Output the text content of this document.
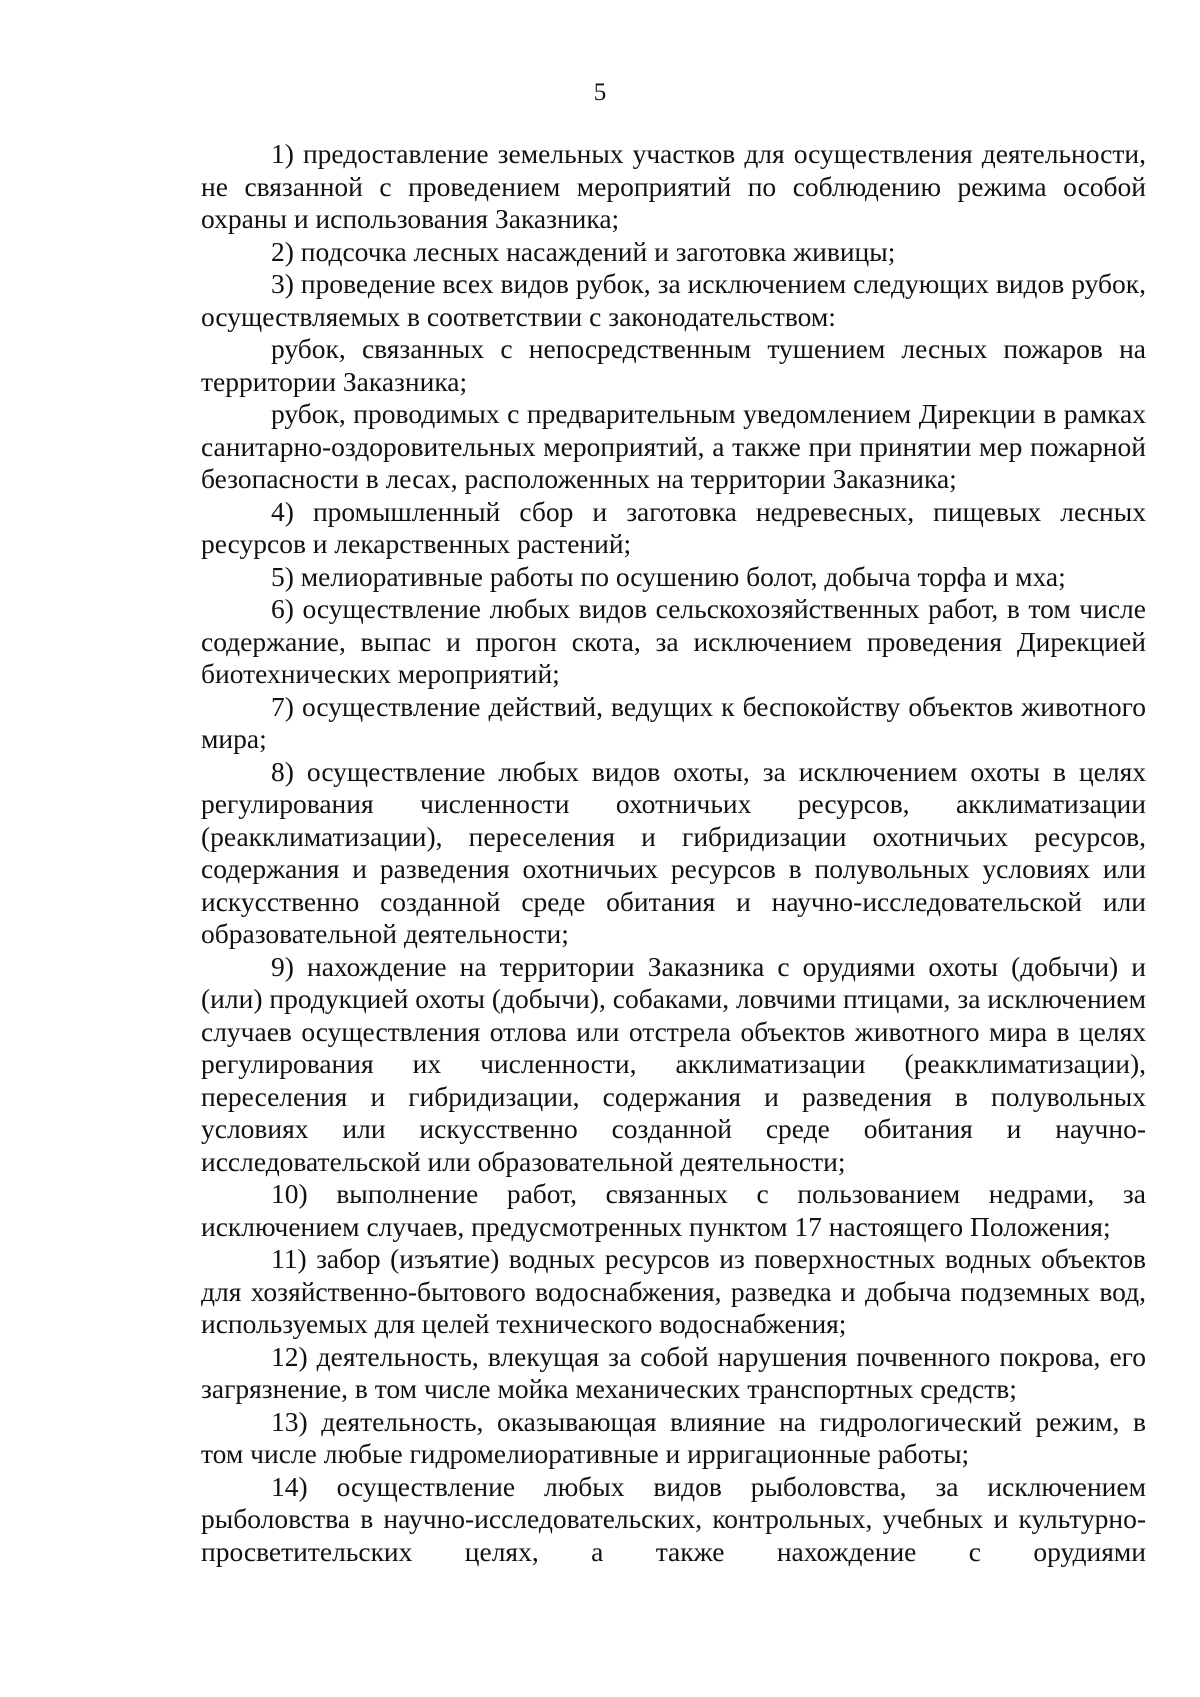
5

1) предоставление земельных участков для осуществления деятельности, не связанной с проведением мероприятий по соблюдению режима особой охраны и использования Заказника;

2) подсочка лесных насаждений и заготовка живицы;

3) проведение всех видов рубок, за исключением следующих видов рубок, осуществляемых в соответствии с законодательством:

рубок, связанных с непосредственным тушением лесных пожаров на территории Заказника;

рубок, проводимых с предварительным уведомлением Дирекции в рамках санитарно-оздоровительных мероприятий, а также при принятии мер пожарной безопасности в лесах, расположенных на территории Заказника;

4) промышленный сбор и заготовка недревесных, пищевых лесных ресурсов и лекарственных растений;

5) мелиоративные работы по осушению болот, добыча торфа и мха;

6) осуществление любых видов сельскохозяйственных работ, в том числе содержание, выпас и прогон скота, за исключением проведения Дирекцией биотехнических мероприятий;

7) осуществление действий, ведущих к беспокойству объектов животного мира;

8) осуществление любых видов охоты, за исключением охоты в целях регулирования численности охотничьих ресурсов, акклиматизации (реакклиматизации), переселения и гибридизации охотничьих ресурсов, содержания и разведения охотничьих ресурсов в полувольных условиях или искусственно созданной среде обитания и научно-исследовательской или образовательной деятельности;

9) нахождение на территории Заказника с орудиями охоты (добычи) и (или) продукцией охоты (добычи), собаками, ловчими птицами, за исключением случаев осуществления отлова или отстрела объектов животного мира в целях регулирования их численности, акклиматизации (реакклиматизации), переселения и гибридизации, содержания и разведения в полувольных условиях или искусственно созданной среде обитания и научно-исследовательской или образовательной деятельности;

10) выполнение работ, связанных с пользованием недрами, за исключением случаев, предусмотренных пунктом 17 настоящего Положения;

11) забор (изъятие) водных ресурсов из поверхностных водных объектов для хозяйственно-бытового водоснабжения, разведка и добыча подземных вод, используемых для целей технического водоснабжения;

12) деятельность, влекущая за собой нарушения почвенного покрова, его загрязнение, в том числе мойка механических транспортных средств;

13) деятельность, оказывающая влияние на гидрологический режим, в том числе любые гидромелиоративные и ирригационные работы;

14) осуществление любых видов рыболовства, за исключением рыболовства в научно-исследовательских, контрольных, учебных и культурно-просветительских целях, а также нахождение с орудиями
